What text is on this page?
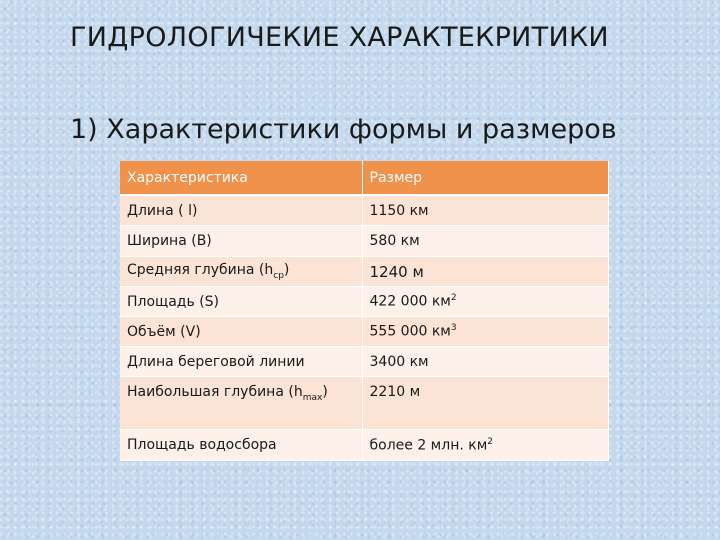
ГИДРОЛОГИЧЕКИЕ ХАРАКТЕКРИТИКИ
1) Характеристики формы и размеров
Характеристика	Размер
Длина ( l)	1150 км
Ширина (В)	580 км
Средняя глубина $(h_{ср})$	1240 м
Площадь (S)	422 000 $км^2$
Объём (V)	555 000 $км^3$
Длина береговой линии	3400 км
Наибольшая глубина $(h_{max})$	2210 м
Площадь водосбора	более 2 млн. $км^2$
